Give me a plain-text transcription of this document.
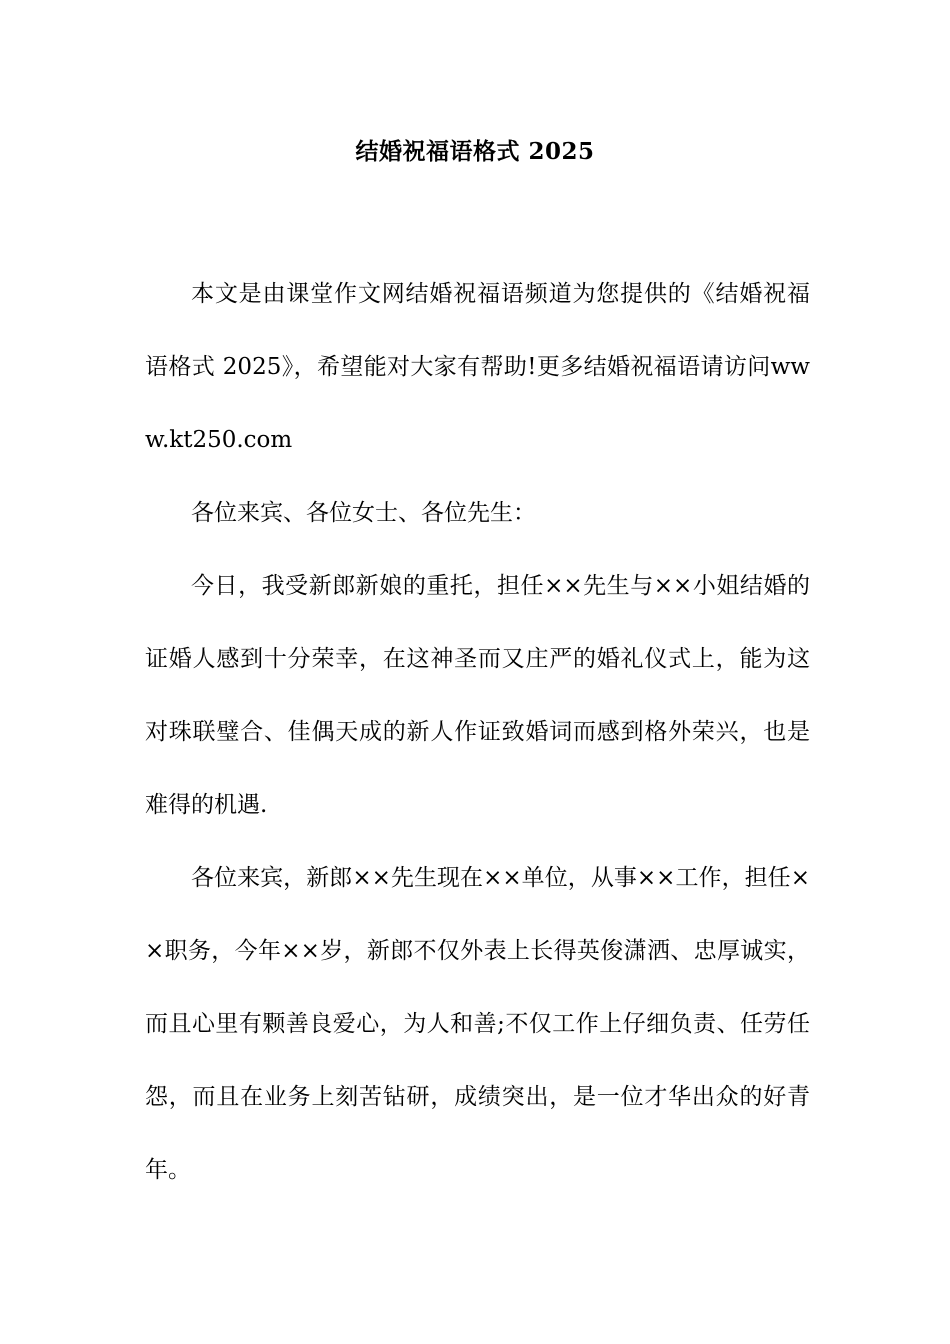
结婚祝福语格式 2025

本文是由课堂作文网结婚祝福语频道为您提供的《结婚祝福语格式 2025》，希望能对大家有帮助!更多结婚祝福语请访问www.kt250.com

各位来宾、各位女士、各位先生：

今日，我受新郎新娘的重托，担任××先生与××小姐结婚的证婚人感到十分荣幸，在这神圣而又庄严的婚礼仪式上，能为这对珠联璧合、佳偶天成的新人作证致婚词而感到格外荣兴，也是难得的机遇.

各位来宾，新郎××先生现在××单位，从事××工作，担任××职务，今年××岁，新郎不仅外表上长得英俊潇洒、忠厚诚实，而且心里有颗善良爱心，为人和善;不仅工作上仔细负责、任劳任怨，而且在业务上刻苦钻研，成绩突出，是一位才华出众的好青年。
